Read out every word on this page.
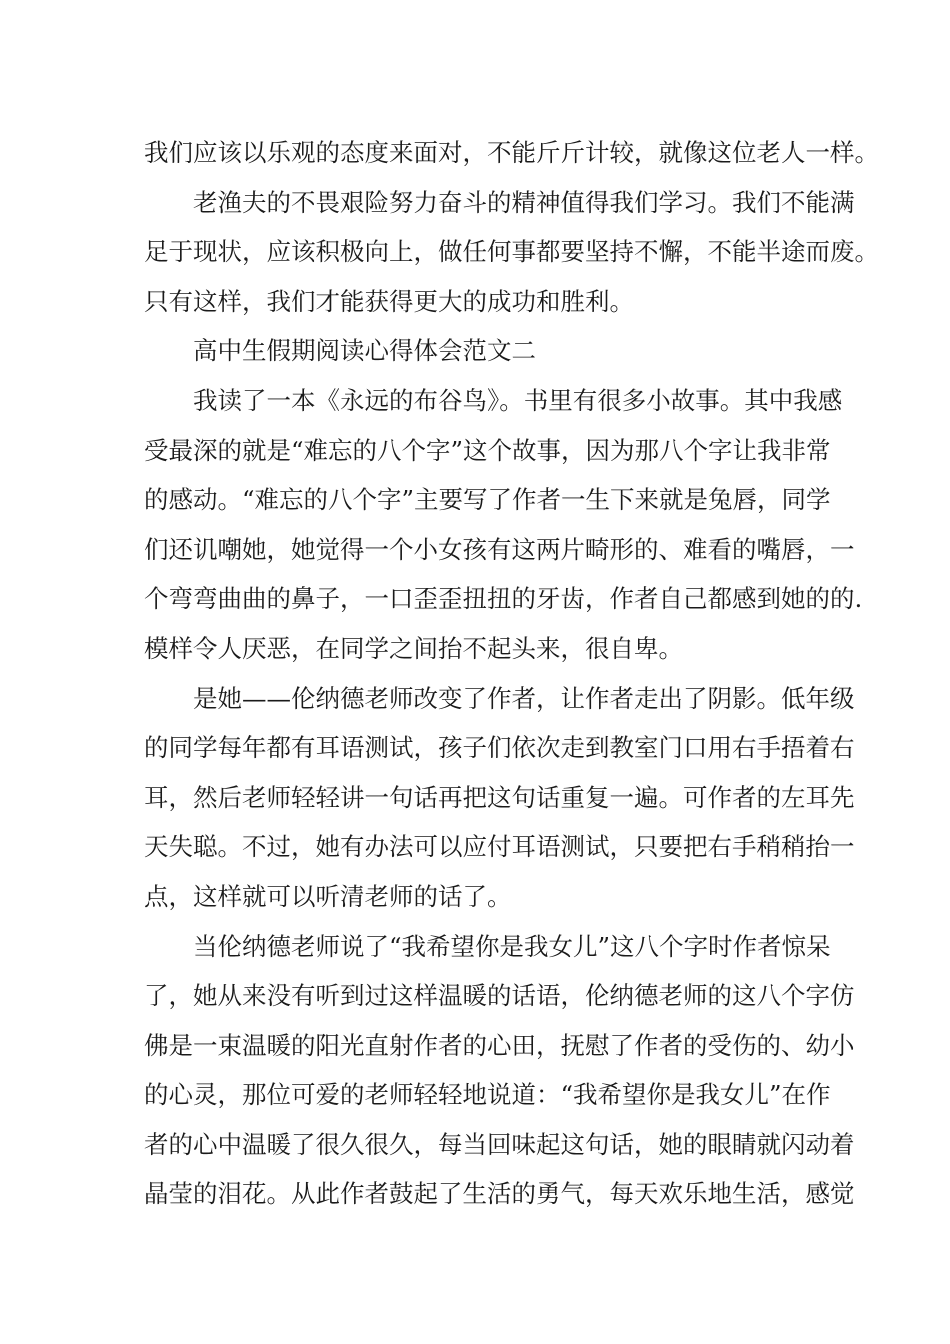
我们应该以乐观的态度来面对，不能斤斤计较，就像这位老人一样。
老渔夫的不畏艰险努力奋斗的精神值得我们学习。我们不能满
足于现状，应该积极向上，做任何事都要坚持不懈，不能半途而废。
只有这样，我们才能获得更大的成功和胜利。
高中生假期阅读心得体会范文二
我读了一本《永远的布谷鸟》。书里有很多小故事。其中我感
受最深的就是“难忘的八个字”这个故事，因为那八个字让我非常
的感动。“难忘的八个字”主要写了作者一生下来就是兔唇，同学
们还讥嘲她，她觉得一个小女孩有这两片畸形的、难看的嘴唇，一
个弯弯曲曲的鼻子，一口歪歪扭扭的牙齿，作者自己都感到她的的.
模样令人厌恶，在同学之间抬不起头来，很自卑。
是她——伦纳德老师改变了作者，让作者走出了阴影。低年级
的同学每年都有耳语测试，孩子们依次走到教室门口用右手捂着右
耳，然后老师轻轻讲一句话再把这句话重复一遍。可作者的左耳先
天失聪。不过，她有办法可以应付耳语测试，只要把右手稍稍抬一
点，这样就可以听清老师的话了。
当伦纳德老师说了“我希望你是我女儿”这八个字时作者惊呆
了，她从来没有听到过这样温暖的话语，伦纳德老师的这八个字仿
佛是一束温暖的阳光直射作者的心田，抚慰了作者的受伤的、幼小
的心灵，那位可爱的老师轻轻地说道：“我希望你是我女儿”在作
者的心中温暖了很久很久，每当回味起这句话，她的眼睛就闪动着
晶莹的泪花。从此作者鼓起了生活的勇气，每天欢乐地生活，感觉
